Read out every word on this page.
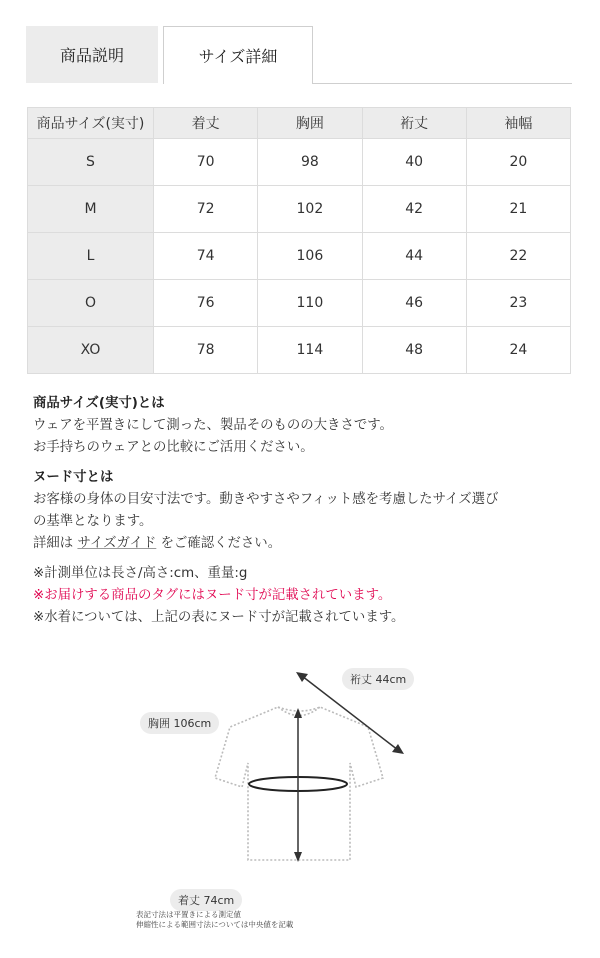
商品説明	サイズ詳細
商品サイズ(実寸)	着丈	胸囲	裄丈	袖幅
S	70	98	40	20
M	72	102	42	21
L	74	106	44	22
O	76	110	46	23
XO	78	114	48	24
商品サイズ(実寸)とは
ウェアを平置きにして測った、製品そのものの大きさです。
お手持ちのウェアとの比較にご活用ください。
ヌード寸とは
お客様の身体の目安寸法です。動きやすさやフィット感を考慮したサイズ選び
の基準となります。
詳細は サイズガイド をご確認ください。
※計測単位は長さ/高さ:cm、重量:g
※お届けする商品のタグにはヌード寸が記載されています。
※水着については、上記の表にヌード寸が記載されています。
裄丈 44cm
胸囲 106cm
着丈 74cm
表記寸法は平置きによる測定値
伸縮性による範囲寸法については中央値を記載
